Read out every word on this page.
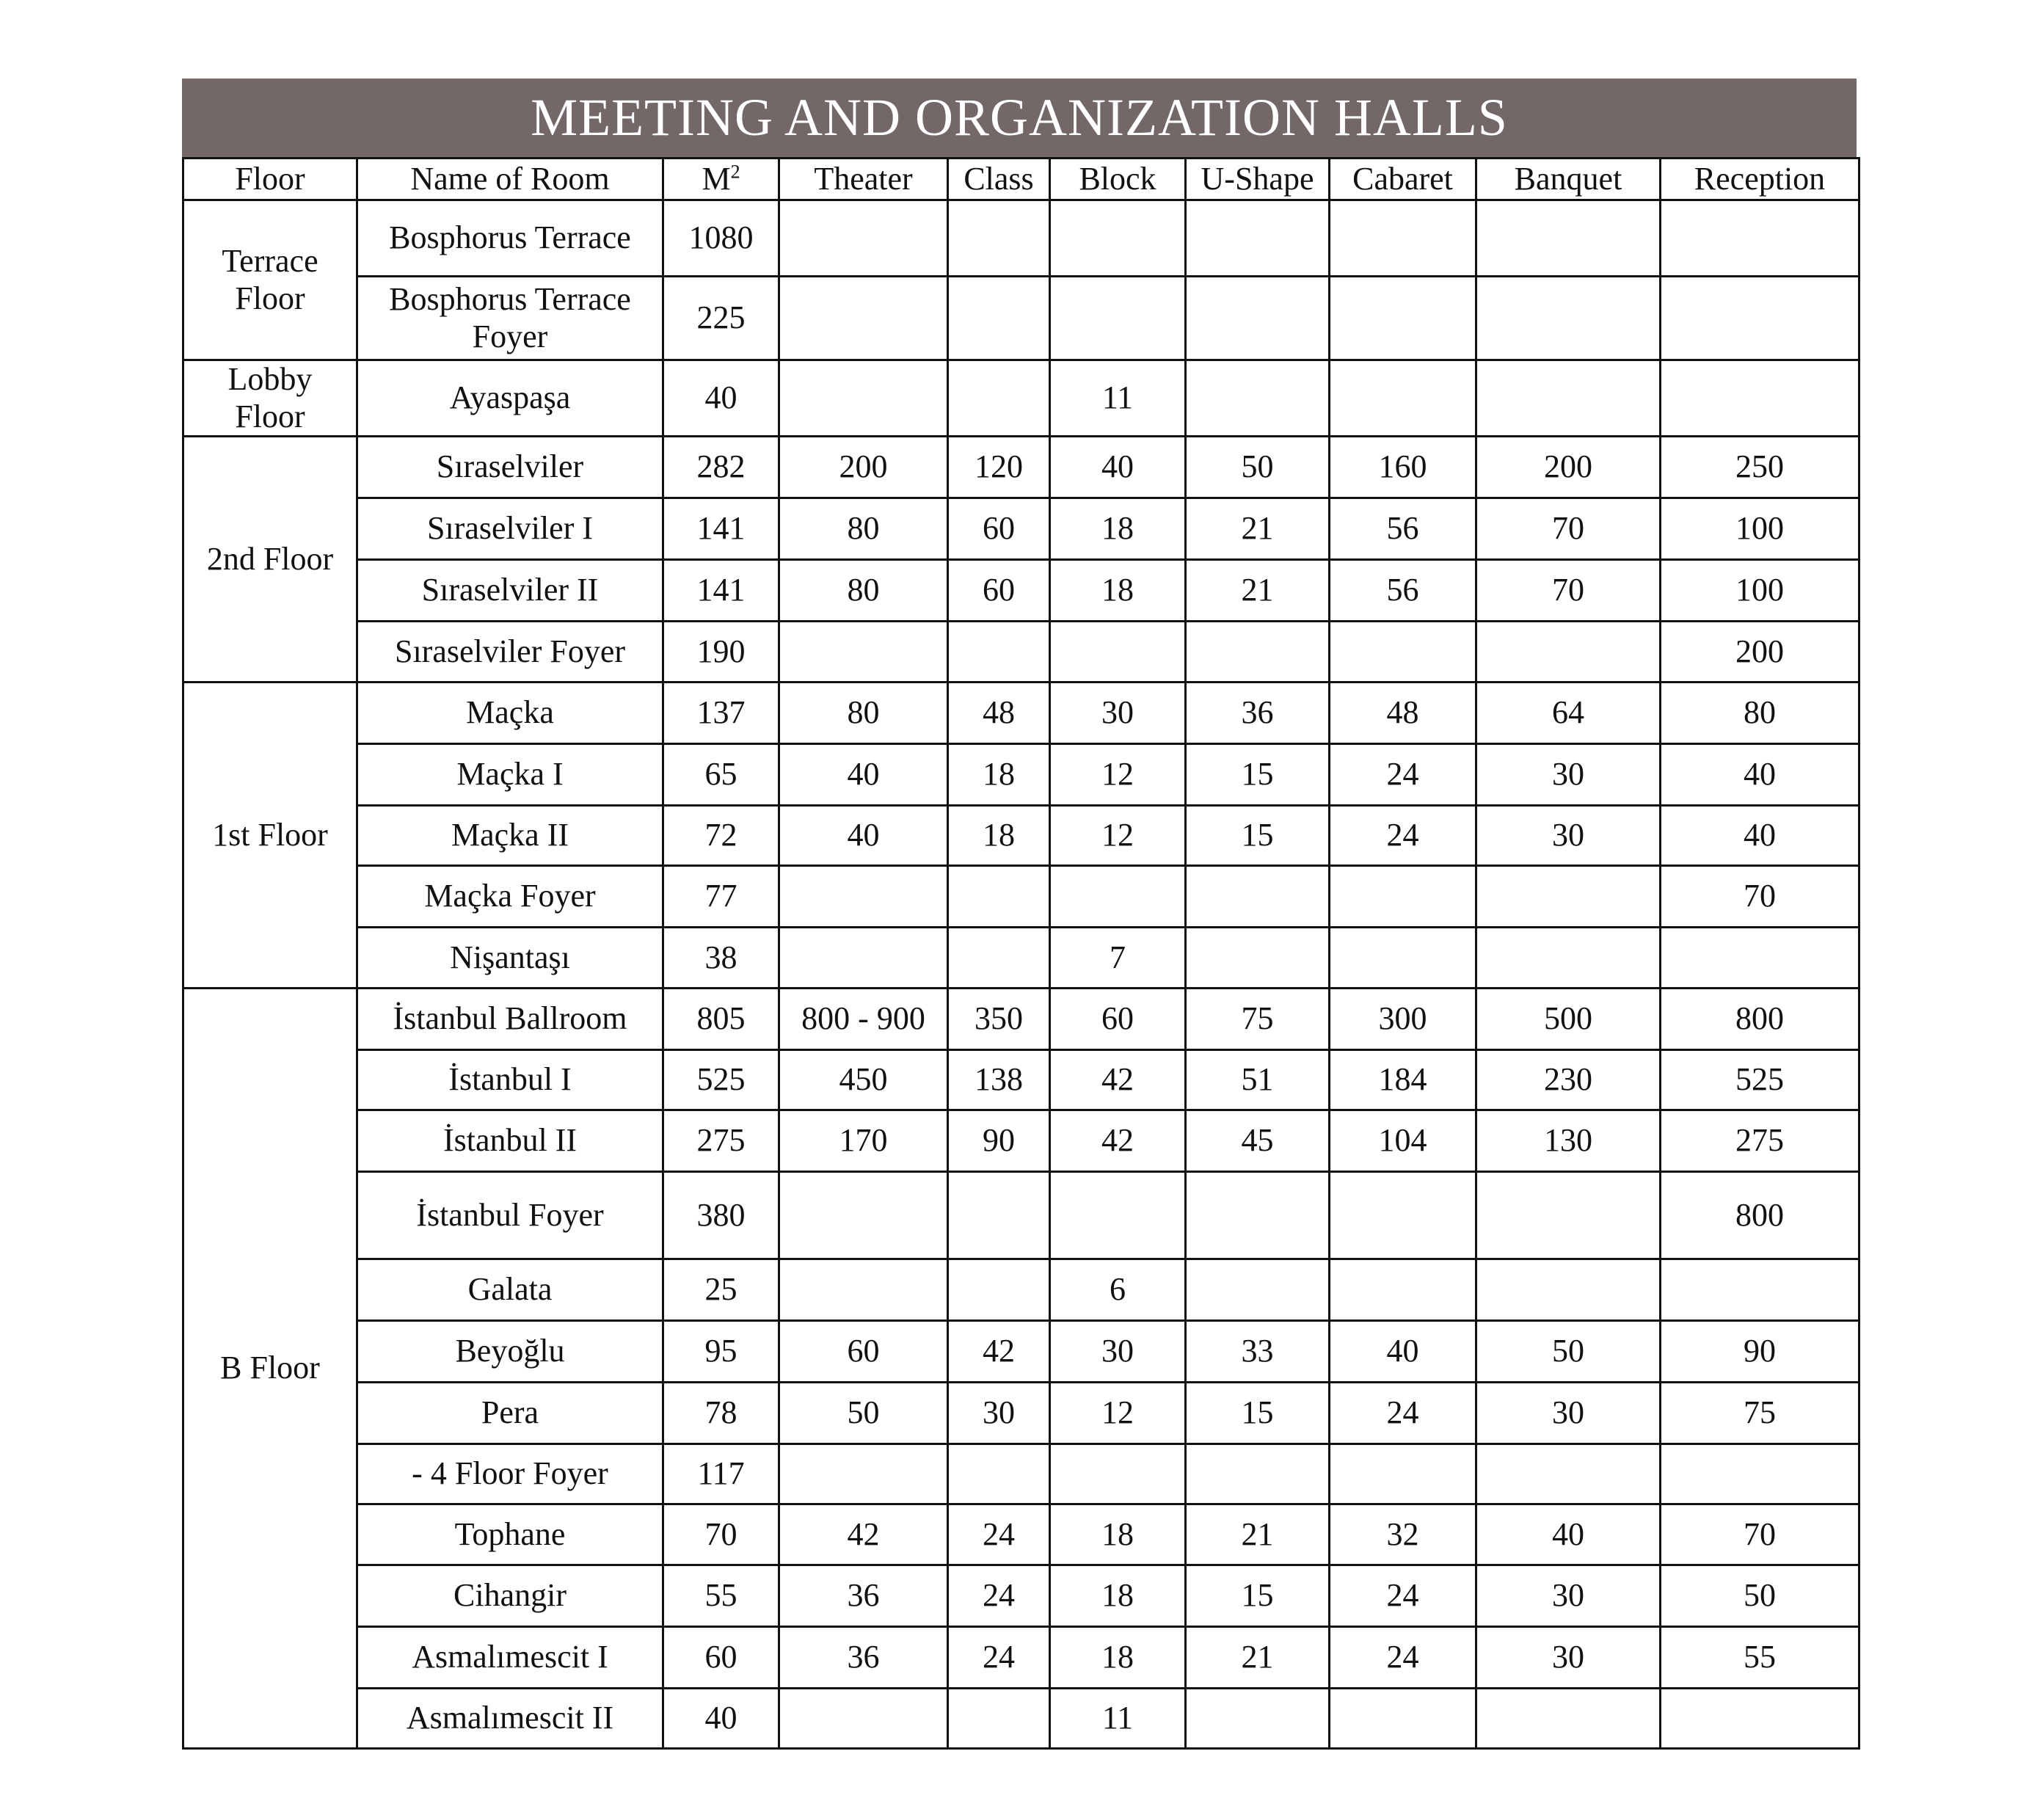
MEETING AND ORGANIZATION HALLS
Floor	Name of Room	$M^2$	Theater	Class	Block	U-Shape	Cabaret	Banquet	Reception
Terrace Floor	Bosphorus Terrace	1080							
	Bosphorus Terrace Foyer	225							
Lobby Floor	Ayaspaşa	40			11				
2nd Floor	Sıraselviler	282	200	120	40	50	160	200	250
	Sıraselviler I	141	80	60	18	21	56	70	100
	Sıraselviler II	141	80	60	18	21	56	70	100
	Sıraselviler Foyer	190							200
1st Floor	Maçka	137	80	48	30	36	48	64	80
	Maçka I	65	40	18	12	15	24	30	40
	Maçka II	72	40	18	12	15	24	30	40
	Maçka Foyer	77							70
	Nişantaşı	38			7				
B Floor	İstanbul Ballroom	805	800 - 900	350	60	75	300	500	800
	İstanbul I	525	450	138	42	51	184	230	525
	İstanbul II	275	170	90	42	45	104	130	275
	İstanbul Foyer	380							800
	Galata	25			6				
	Beyoğlu	95	60	42	30	33	40	50	90
	Pera	78	50	30	12	15	24	30	75
	- 4 Floor Foyer	117							
	Tophane	70	42	24	18	21	32	40	70
	Cihangir	55	36	24	18	15	24	30	50
	Asmalımescit I	60	36	24	18	21	24	30	55
	Asmalımescit II	40			11				
